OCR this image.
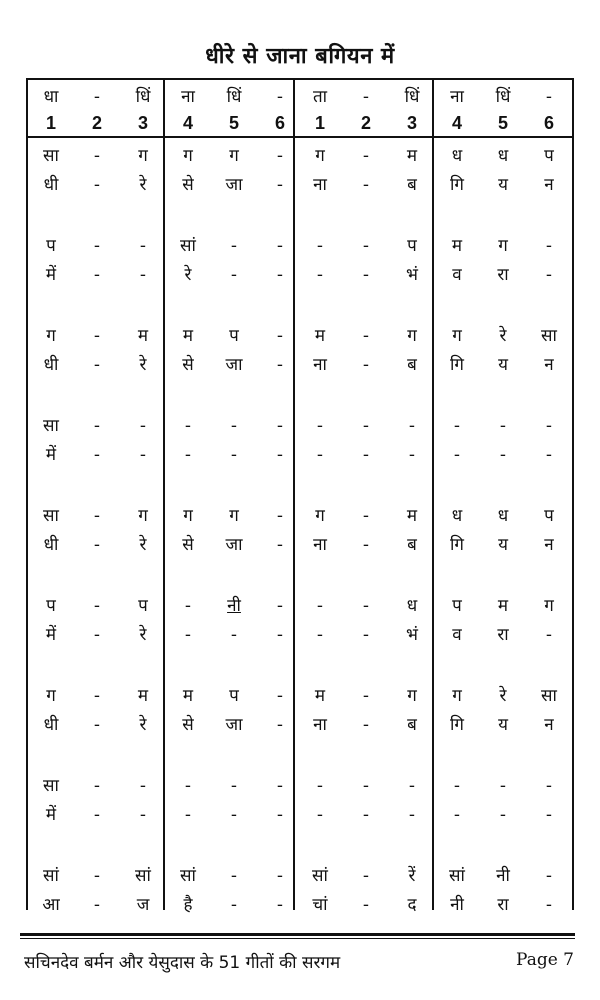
धीरे से जाना बगियन में
धा	-	धिं	ना	धिं	-	ता	-	धिं	ना	धिं	-
1	2	3	4	5	6	1	2	3	4	5	6
सा	-	ग	ग	ग	-	ग	-	म	ध	ध	प
धी	-	रे	से	जा	-	ना	-	ब	गि	य	न
प	-	-	सां	-	-	-	-	प	म	ग	-
में	-	-	रे	-	-	-	-	भं	व	रा	-
ग	-	म	म	प	-	म	-	ग	ग	रे	सा
धी	-	रे	से	जा	-	ना	-	ब	गि	य	न
सा	-	-	-	-	-	-	-	-	-	-	-
में	-	-	-	-	-	-	-	-	-	-	-
सा	-	ग	ग	ग	-	ग	-	म	ध	ध	प
धी	-	रे	से	जा	-	ना	-	ब	गि	य	न
प	-	प	-	नी	-	-	-	ध	प	म	ग
में	-	रे	-	-	-	-	-	भं	व	रा	-
ग	-	म	म	प	-	म	-	ग	ग	रे	सा
धी	-	रे	से	जा	-	ना	-	ब	गि	य	न
सा	-	-	-	-	-	-	-	-	-	-	-
में	-	-	-	-	-	-	-	-	-	-	-
सां	-	सां	सां	-	-	सां	-	रें	सां	नी	-
आ	-	ज	है	-	-	चां	-	द	नी	रा	-
सचिनदेव बर्मन और येसुदास के 51 गीतों की सरगम	Page 7
